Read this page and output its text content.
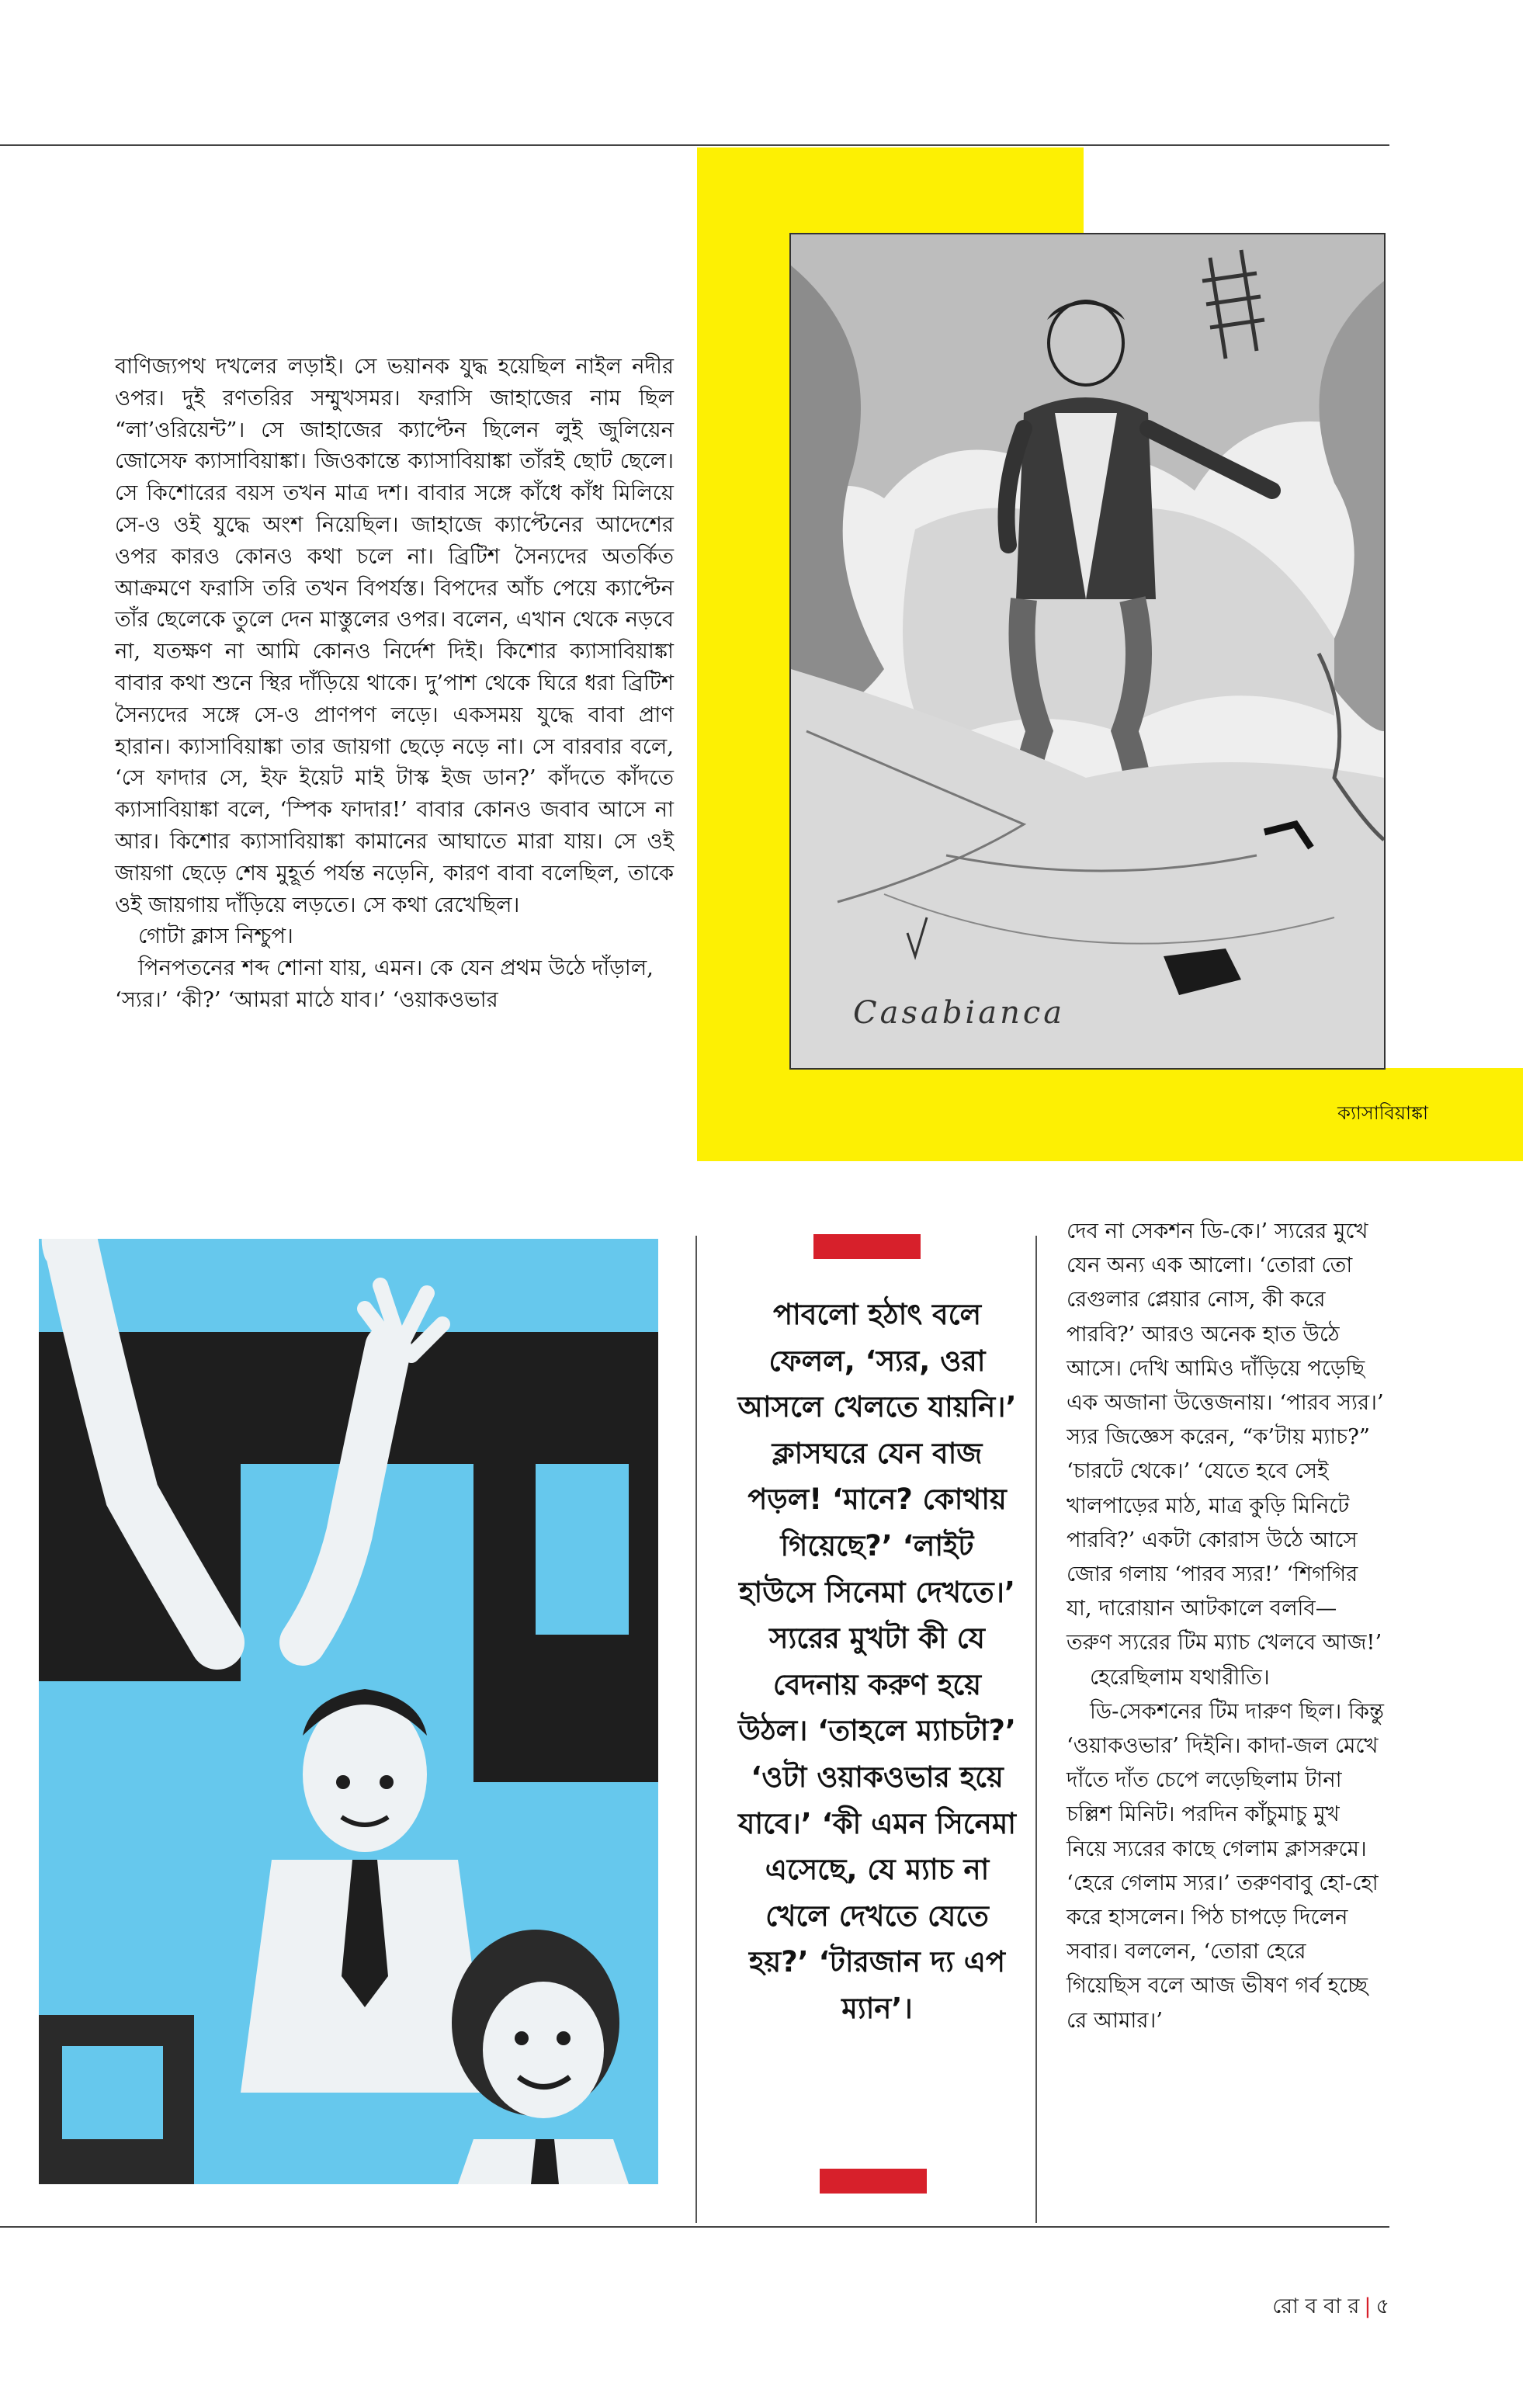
Casabianca
ক্যাসাবিয়াঙ্কা

বাণিজ্যপথ দখলের লড়াই। সে ভয়ানক যুদ্ধ হয়েছিল নাইল নদীর ওপর। দুই রণতরির সম্মুখসমর। ফরাসি জাহাজের নাম ছিল “লা’ওরিয়েন্ট”। সে জাহাজের ক্যাপ্টেন ছিলেন লুই জুলিয়েন জোসেফ ক্যাসাবিয়াঙ্কা। জিওকান্তে ক্যাসাবিয়াঙ্কা তাঁরই ছোট ছেলে। সে কিশোরের বয়স তখন মাত্র দশ। বাবার সঙ্গে কাঁধে কাঁধ মিলিয়ে সে-ও ওই যুদ্ধে অংশ নিয়েছিল। জাহাজে ক্যাপ্টেনের আদেশের ওপর কারও কোনও কথা চলে না। ব্রিটিশ সৈন্যদের অতর্কিত আক্রমণে ফরাসি তরি তখন বিপর্যস্ত। বিপদের আঁচ পেয়ে ক্যাপ্টেন তাঁর ছেলেকে তুলে দেন মাস্তুলের ওপর। বলেন, এখান থেকে নড়বে না, যতক্ষণ না আমি কোনও নির্দেশ দিই। কিশোর ক্যাসাবিয়াঙ্কা বাবার কথা শুনে স্থির দাঁড়িয়ে থাকে। দু’পাশ থেকে ঘিরে ধরা ব্রিটিশ সৈন্যদের সঙ্গে সে-ও প্রাণপণ লড়ে। একসময় যুদ্ধে বাবা প্রাণ হারান। ক্যাসাবিয়াঙ্কা তার জায়গা ছেড়ে নড়ে না। সে বারবার বলে, ‘সে ফাদার সে, ইফ ইয়েট মাই টাস্ক ইজ ডান?’ কাঁদতে কাঁদতে ক্যাসাবিয়াঙ্কা বলে, ‘স্পিক ফাদার!’ বাবার কোনও জবাব আসে না আর। কিশোর ক্যাসাবিয়াঙ্কা কামানের আঘাতে মারা যায়। সে ওই জায়গা ছেড়ে শেষ মুহূর্ত পর্যন্ত নড়েনি, কারণ বাবা বলেছিল, তাকে ওই জায়গায় দাঁড়িয়ে লড়তে। সে কথা রেখেছিল।

গোটা ক্লাস নিশ্চুপ।

পিনপতনের শব্দ শোনা যায়, এমন। কে যেন প্রথম উঠে দাঁড়াল, ‘স্যর।’ ‘কী?’ ‘আমরা মাঠে যাব।’ ‘ওয়াকওভার

পাবলো হঠাৎ বলে ফেলল, ‘স্যর, ওরা আসলে খেলতে যায়নি।’ ক্লাসঘরে যেন বাজ পড়ল! ‘মানে? কোথায় গিয়েছে?’ ‘লাইট হাউসে সিনেমা দেখতে।’ স্যরের মুখটা কী যে বেদনায় করুণ হয়ে উঠল। ‘তাহলে ম্যাচটা?’ ‘ওটা ওয়াকওভার হয়ে যাবে।’ ‘কী এমন সিনেমা এসেছে, যে ম্যাচ না খেলে দেখতে যেতে হয়?’ ‘টারজান দ্য এপ ম্যান’।

দেব না সেকশন ডি-কে।’ স্যরের মুখে যেন অন্য এক আলো। ‘তোরা তো রেগুলার প্লেয়ার নোস, কী করে পারবি?’ আরও অনেক হাত উঠে আসে। দেখি আমিও দাঁড়িয়ে পড়েছি এক অজানা উত্তেজনায়। ‘পারব স্যর।’ স্যর জিজ্ঞেস করেন, “ক’টায় ম্যাচ?” ‘চারটে থেকে।’ ‘যেতে হবে সেই খালপাড়ের মাঠ, মাত্র কুড়ি মিনিটে পারবি?’ একটা কোরাস উঠে আসে জোর গলায় ‘পারব স্যর!’ ‘শিগগির যা, দারোয়ান আটকালে বলবি— তরুণ স্যরের টিম ম্যাচ খেলবে আজ!’

হেরেছিলাম যথারীতি।

ডি-সেকশনের টিম দারুণ ছিল। কিন্তু ‘ওয়াকওভার’ দিইনি। কাদা-জল মেখে দাঁতে দাঁত চেপে লড়েছিলাম টানা চল্লিশ মিনিট। পরদিন কাঁচুমাচু মুখ নিয়ে স্যরের কাছে গেলাম ক্লাসরুমে। ‘হেরে গেলাম স্যর।’ তরুণবাবু হো-হো করে হাসলেন। পিঠ চাপড়ে দিলেন সবার। বললেন, ‘তোরা হেরে গিয়েছিস বলে আজ ভীষণ গর্ব হচ্ছে রে আমার।’

রো ব বা র | ৫
